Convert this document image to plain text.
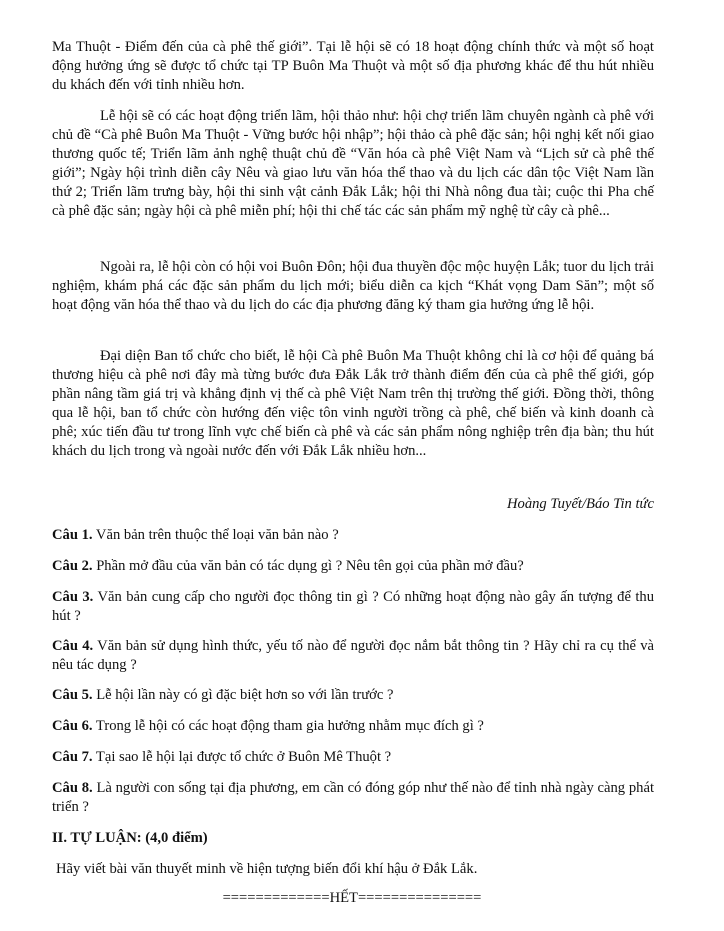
Ma Thuột - Điểm đến của cà phê thế giới”. Tại lễ hội sẽ có 18 hoạt động chính thức và một số hoạt động hưởng ứng sẽ được tổ chức tại TP Buôn Ma Thuột và một số địa phương khác để thu hút nhiều du khách đến với tỉnh nhiều hơn.

Lễ hội sẽ có các hoạt động triển lãm, hội thảo như: hội chợ triển lãm chuyên ngành cà phê với chủ đề “Cà phê Buôn Ma Thuột - Vững bước hội nhập”; hội thảo cà phê đặc sản; hội nghị kết nối giao thương quốc tế; Triển lãm ảnh nghệ thuật chủ đề “Văn hóa cà phê Việt Nam và “Lịch sử cà phê thế giới”; Ngày hội trình diễn cây Nêu và giao lưu văn hóa thể thao và du lịch các dân tộc Việt Nam lần thứ 2; Triển lãm trưng bày, hội thi sinh vật cảnh Đắk Lắk; hội thi Nhà nông đua tài; cuộc thi Pha chế cà phê đặc sản; ngày hội cà phê miễn phí; hội thi chế tác các sản phẩm mỹ nghệ từ cây cà phê...

Ngoài ra, lễ hội còn có hội voi Buôn Đôn; hội đua thuyền độc mộc huyện Lắk; tuor du lịch trải nghiệm, khám phá các đặc sản phẩm du lịch mới; biểu diễn ca kịch “Khát vọng Dam Săn”; một số hoạt động văn hóa thể thao và du lịch do các địa phương đăng ký tham gia hưởng ứng lễ hội.

Đại diện Ban tổ chức cho biết, lễ hội Cà phê Buôn Ma Thuột không chỉ là cơ hội để quảng bá thương hiệu cà phê nơi đây mà từng bước đưa Đắk Lắk trở thành điểm đến của cà phê thế giới, góp phần nâng tầm giá trị và khẳng định vị thế cà phê Việt Nam trên thị trường thế giới. Đồng thời, thông qua lễ hội, ban tổ chức còn hướng đến việc tôn vinh người trồng cà phê, chế biến và kinh doanh cà phê; xúc tiến đầu tư trong lĩnh vực chế biến cà phê và các sản phẩm nông nghiệp trên địa bàn; thu hút khách du lịch trong và ngoài nước đến với Đắk Lắk nhiều hơn...

Hoàng Tuyết/Báo Tin tức

Câu 1. Văn bản trên thuộc thể loại văn bản nào ?

Câu 2. Phần mở đầu của văn bản có tác dụng gì ? Nêu tên gọi của phần mở đầu?

Câu 3. Văn bản cung cấp cho người đọc thông tin gì ? Có những hoạt động nào gây ấn tượng để thu hút ?

Câu 4. Văn bản sử dụng hình thức, yếu tố nào để người đọc nắm bắt thông tin ? Hãy chỉ ra cụ thể và nêu tác dụng ?

Câu 5. Lễ hội lần này có gì đặc biệt hơn so với lần trước ?

Câu 6. Trong lễ hội có các hoạt động tham gia hưởng nhằm mục đích gì ?

Câu 7. Tại sao lễ hội lại được tổ chức ở Buôn Mê Thuột ?

Câu 8. Là người con sống tại địa phương, em cần có đóng góp như thế nào để tỉnh nhà ngày càng phát triển ?

II. TỰ LUẬN: (4,0 điểm)

Hãy viết bài văn thuyết minh về hiện tượng biến đổi khí hậu ở Đắk Lắk.

=============HẾT===============
